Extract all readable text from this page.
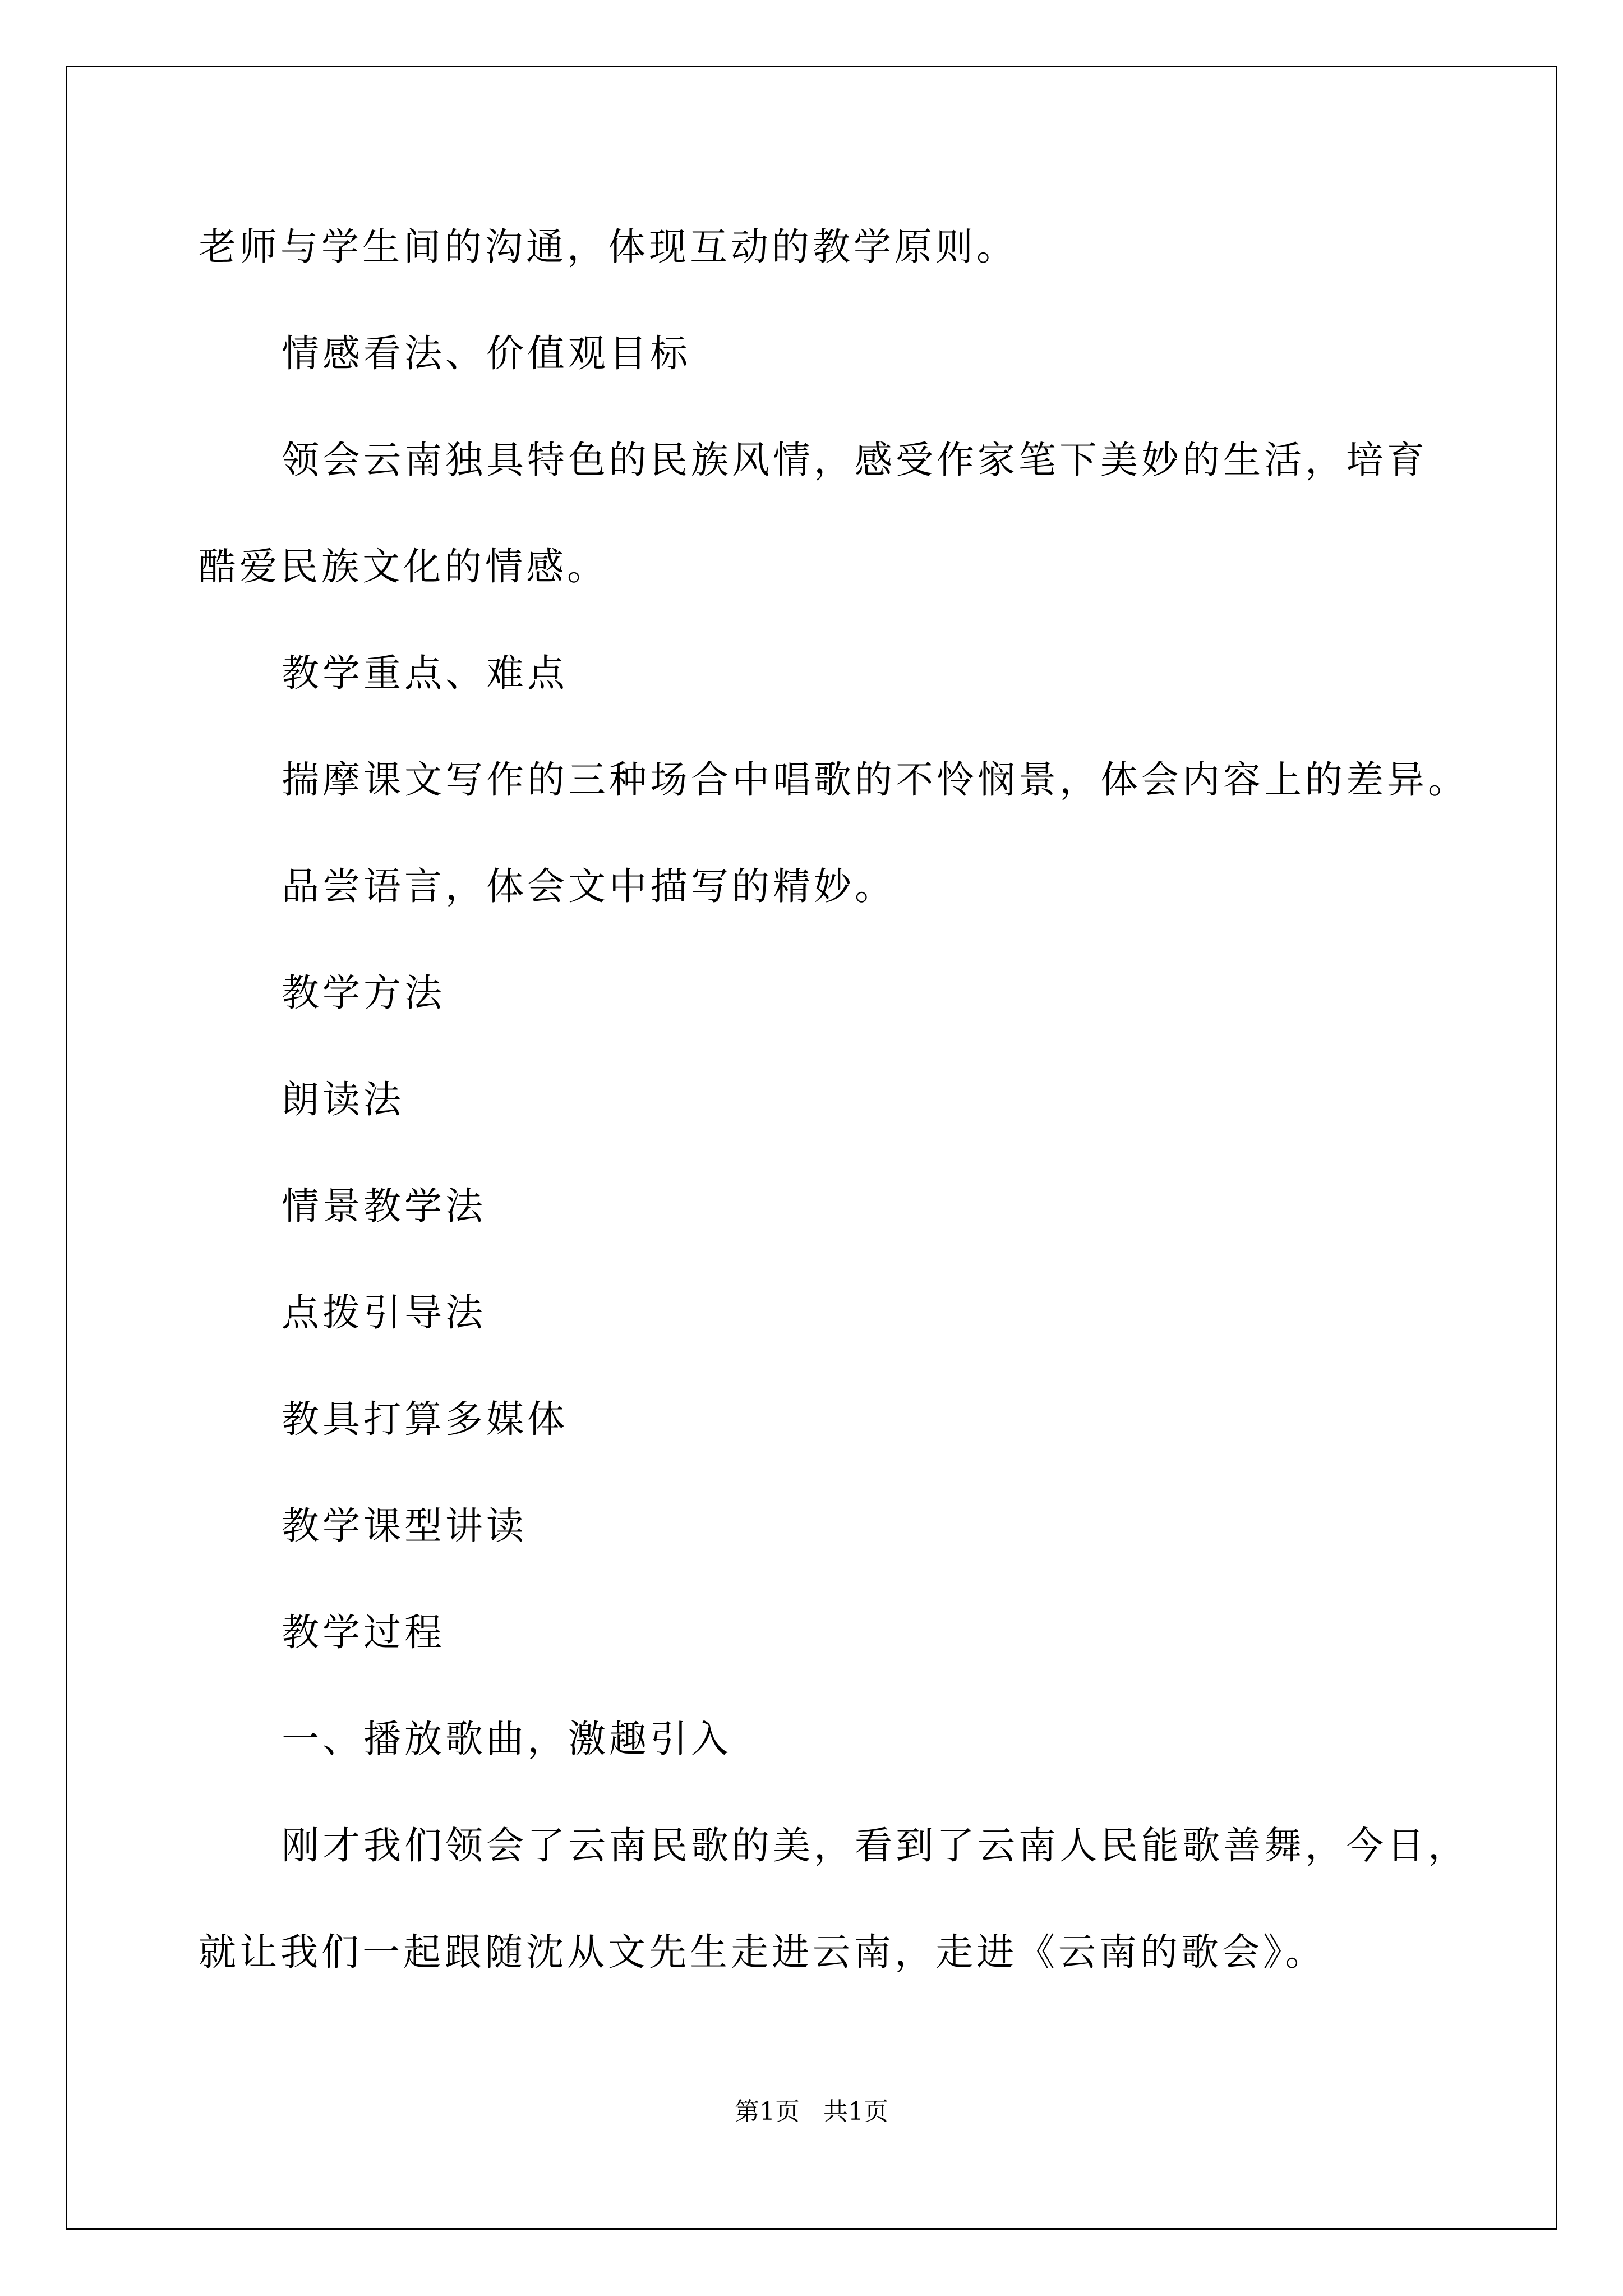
老师与学生间的沟通，体现互动的教学原则。

情感看法、价值观目标

领会云南独具特色的民族风情，感受作家笔下美妙的生活，培育

酷爱民族文化的情感。

教学重点、难点

揣摩课文写作的三种场合中唱歌的不怜悯景，体会内容上的差异。

品尝语言，体会文中描写的精妙。

教学方法

朗读法

情景教学法

点拨引导法

教具打算多媒体

教学课型讲读

教学过程

一、播放歌曲，激趣引入

刚才我们领会了云南民歌的美，看到了云南人民能歌善舞，今日，

就让我们一起跟随沈从文先生走进云南，走进《云南的歌会》。

第1页   共1页
